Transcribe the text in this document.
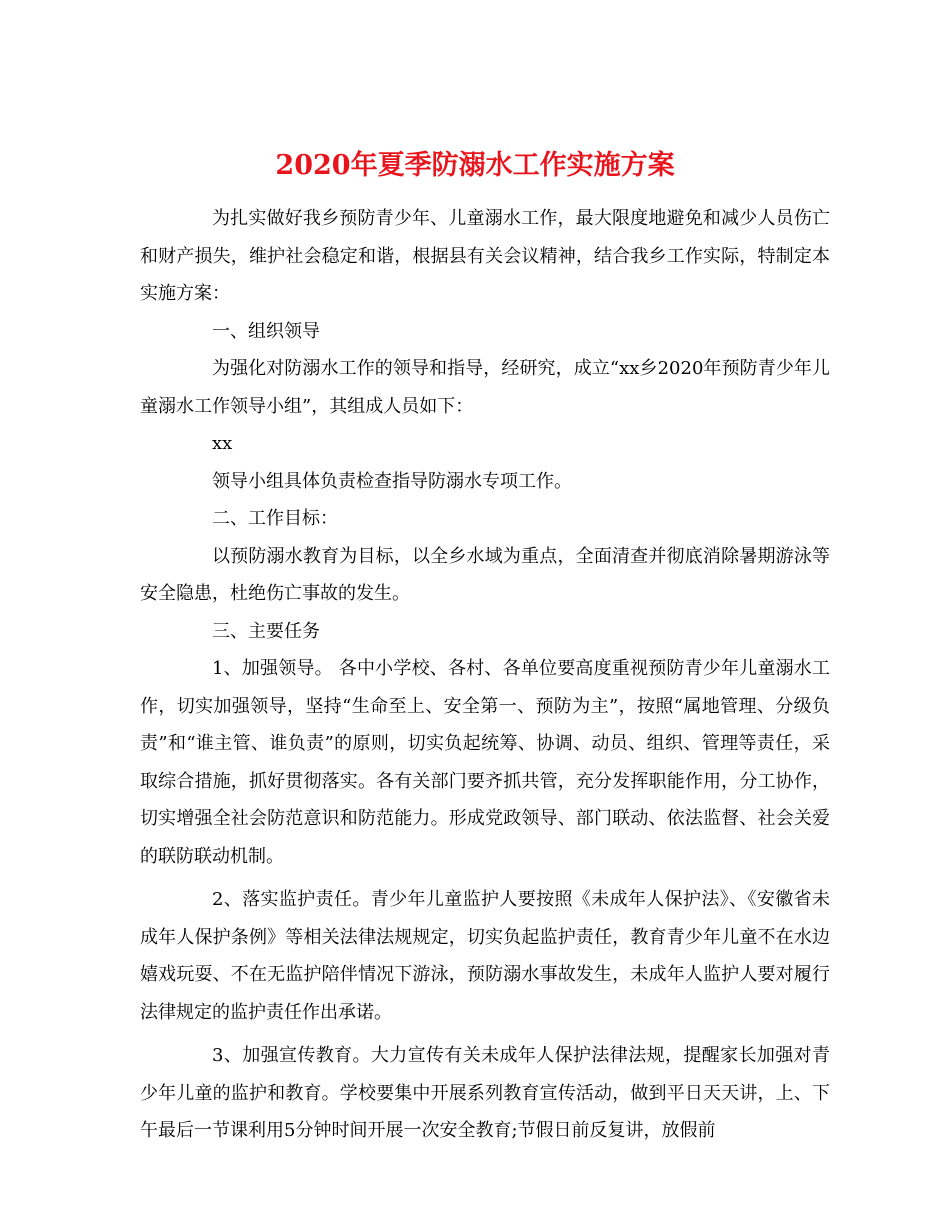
2020年夏季防溺水工作实施方案

为扎实做好我乡预防青少年、儿童溺水工作，最大限度地避免和减少人员伤亡和财产损失，维护社会稳定和谐，根据县有关会议精神，结合我乡工作实际，特制定本实施方案：

一、组织领导

为强化对防溺水工作的领导和指导，经研究，成立“xx乡2020年预防青少年儿童溺水工作领导小组”，其组成人员如下：

xx

领导小组具体负责检查指导防溺水专项工作。

二、工作目标：

以预防溺水教育为目标，以全乡水域为重点，全面清查并彻底消除暑期游泳等安全隐患，杜绝伤亡事故的发生。

三、主要任务

1、加强领导。 各中小学校、各村、各单位要高度重视预防青少年儿童溺水工作，切实加强领导，坚持“生命至上、安全第一、预防为主”，按照“属地管理、分级负责”和“谁主管、谁负责”的原则，切实负起统筹、协调、动员、组织、管理等责任，采取综合措施，抓好贯彻落实。各有关部门要齐抓共管，充分发挥职能作用，分工协作，切实增强全社会防范意识和防范能力。形成党政领导、部门联动、依法监督、社会关爱的联防联动机制。

2、落实监护责任。青少年儿童监护人要按照《未成年人保护法》、《安徽省未成年人保护条例》等相关法律法规规定，切实负起监护责任，教育青少年儿童不在水边嬉戏玩耍、不在无监护陪伴情况下游泳，预防溺水事故发生，未成年人监护人要对履行法律规定的监护责任作出承诺。

3、加强宣传教育。大力宣传有关未成年人保护法律法规，提醒家长加强对青少年儿童的监护和教育。学校要集中开展系列教育宣传活动，做到平日天天讲，上、下午最后一节课利用5分钟时间开展一次安全教育;节假日前反复讲，放假前
